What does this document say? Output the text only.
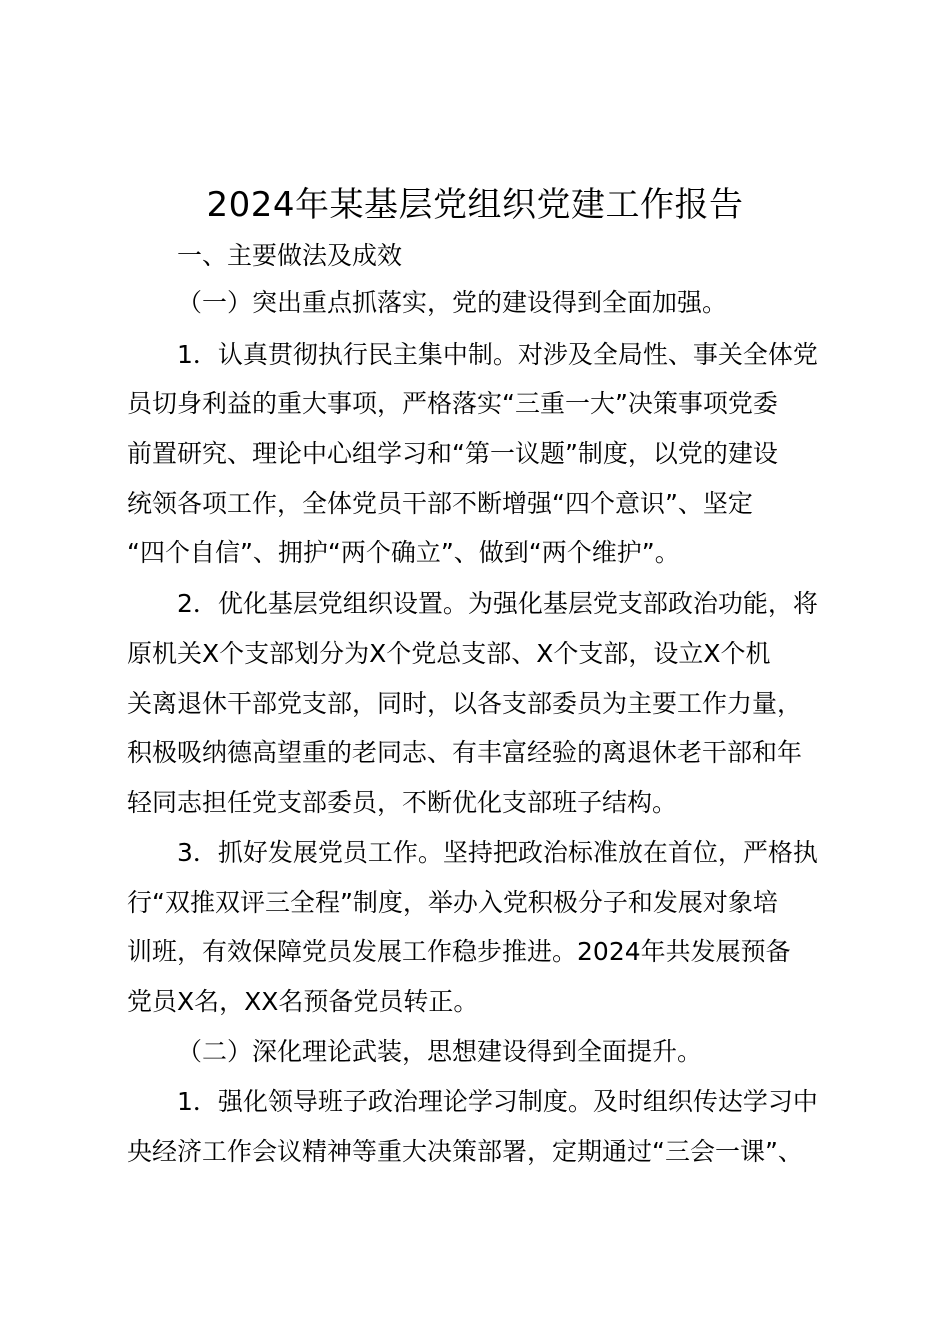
2024年某基层党组织党建工作报告
一、主要做法及成效
（一）突出重点抓落实，党的建设得到全面加强。
1．认真贯彻执行民主集中制。对涉及全局性、事关全体党
员切身利益的重大事项，严格落实“三重一大”决策事项党委
前置研究、理论中心组学习和“第一议题”制度，以党的建设
统领各项工作，全体党员干部不断增强“四个意识”、坚定
“四个自信”、拥护“两个确立”、做到“两个维护”。
2．优化基层党组织设置。为强化基层党支部政治功能，将
原机关X个支部划分为X个党总支部、X个支部，设立X个机
关离退休干部党支部，同时，以各支部委员为主要工作力量，
积极吸纳德高望重的老同志、有丰富经验的离退休老干部和年
轻同志担任党支部委员，不断优化支部班子结构。
3．抓好发展党员工作。坚持把政治标准放在首位，严格执
行“双推双评三全程”制度，举办入党积极分子和发展对象培
训班，有效保障党员发展工作稳步推进。2024年共发展预备
党员X名，XX名预备党员转正。
（二）深化理论武装，思想建设得到全面提升。
1．强化领导班子政治理论学习制度。及时组织传达学习中
央经济工作会议精神等重大决策部署，定期通过“三会一课”、
